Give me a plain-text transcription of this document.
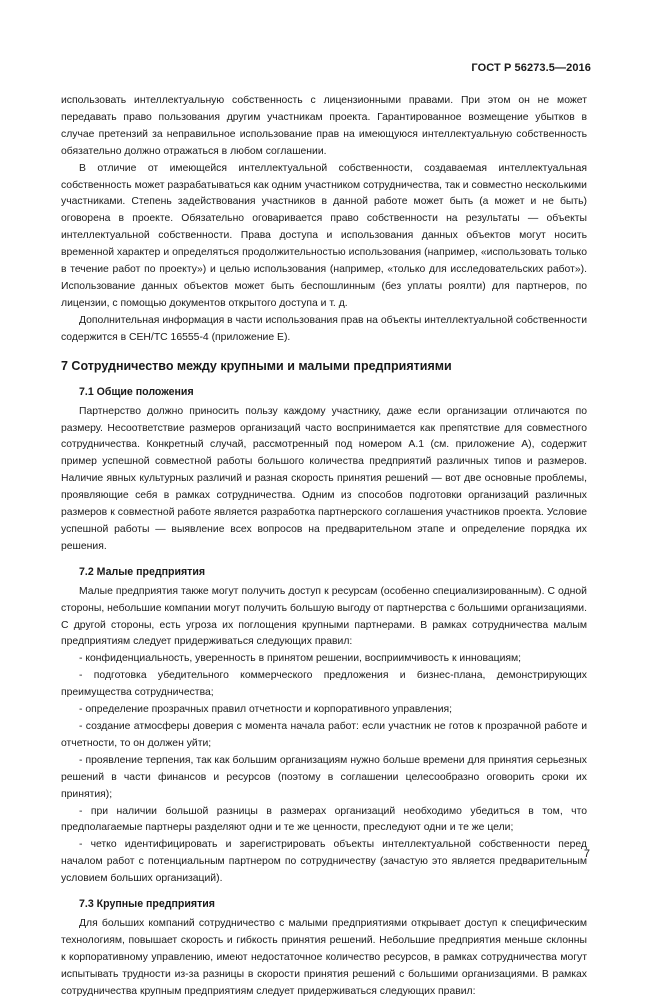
ГОСТ Р 56273.5—2016

использовать интеллектуальную собственность с лицензионными правами. При этом он не может передавать право пользования другим участникам проекта. Гарантированное возмещение убытков в случае претензий за неправильное использование прав на имеющуюся интеллектуальную собственность обязательно должно отражаться в любом соглашении.

В отличие от имеющейся интеллектуальной собственности, создаваемая интеллектуальная собственность может разрабатываться как одним участником сотрудничества, так и совместно несколькими участниками. Степень задействования участников в данной работе может быть (а может и не быть) оговорена в проекте. Обязательно оговаривается право собственности на результаты — объекты интеллектуальной собственности. Права доступа и использования данных объектов могут носить временной характер и определяться продолжительностью использования (например, «использовать только в течение работ по проекту») и целью использования (например, «только для исследовательских работ»). Использование данных объектов может быть беспошлинным (без уплаты роялти) для партнеров, по лицензии, с помощью документов открытого доступа и т. д.

Дополнительная информация в части использования прав на объекты интеллектуальной собственности содержится в СЕН/ТС 16555-4 (приложение Е).

7 Сотрудничество между крупными и малыми предприятиями
7.1 Общие положения

Партнерство должно приносить пользу каждому участнику, даже если организации отличаются по размеру. Несоответствие размеров организаций часто воспринимается как препятствие для совместного сотрудничества. Конкретный случай, рассмотренный под номером А.1 (см. приложение А), содержит пример успешной совместной работы большого количества предприятий различных типов и размеров. Наличие явных культурных различий и разная скорость принятия решений — вот две основные проблемы, проявляющие себя в рамках сотрудничества. Одним из способов подготовки организаций различных размеров к совместной работе является разработка партнерского соглашения участников проекта. Условие успешной работы — выявление всех вопросов на предварительном этапе и определение порядка их решения.

7.2 Малые предприятия

Малые предприятия также могут получить доступ к ресурсам (особенно специализированным). С одной стороны, небольшие компании могут получить большую выгоду от партнерства с большими организациями. С другой стороны, есть угроза их поглощения крупными партнерами. В рамках сотрудничества малым предприятиям следует придерживаться следующих правил:

- конфиденциальность, уверенность в принятом решении, восприимчивость к инновациям;

- подготовка убедительного коммерческого предложения и бизнес-плана, демонстрирующих преимущества сотрудничества;

- определение прозрачных правил отчетности и корпоративного управления;

- создание атмосферы доверия с момента начала работ: если участник не готов к прозрачной работе и отчетности, то он должен уйти;

- проявление терпения, так как большим организациям нужно больше времени для принятия серьезных решений в части финансов и ресурсов (поэтому в соглашении целесообразно оговорить сроки их принятия);

- при наличии большой разницы в размерах организаций необходимо убедиться в том, что предполагаемые партнеры разделяют одни и те же ценности, преследуют одни и те же цели;

- четко идентифицировать и зарегистрировать объекты интеллектуальной собственности перед началом работ с потенциальным партнером по сотрудничеству (зачастую это является предварительным условием больших организаций).

7.3 Крупные предприятия

Для больших компаний сотрудничество с малыми предприятиями открывает доступ к специфическим технологиям, повышает скорость и гибкость принятия решений. Небольшие предприятия меньше склонны к корпоративному управлению, имеют недостаточное количество ресурсов, в рамках сотрудничества могут испытывать трудности из-за разницы в скорости принятия решений с большими организациями. В рамках сотрудничества крупным предприятиям следует придерживаться следующих правил:

7
